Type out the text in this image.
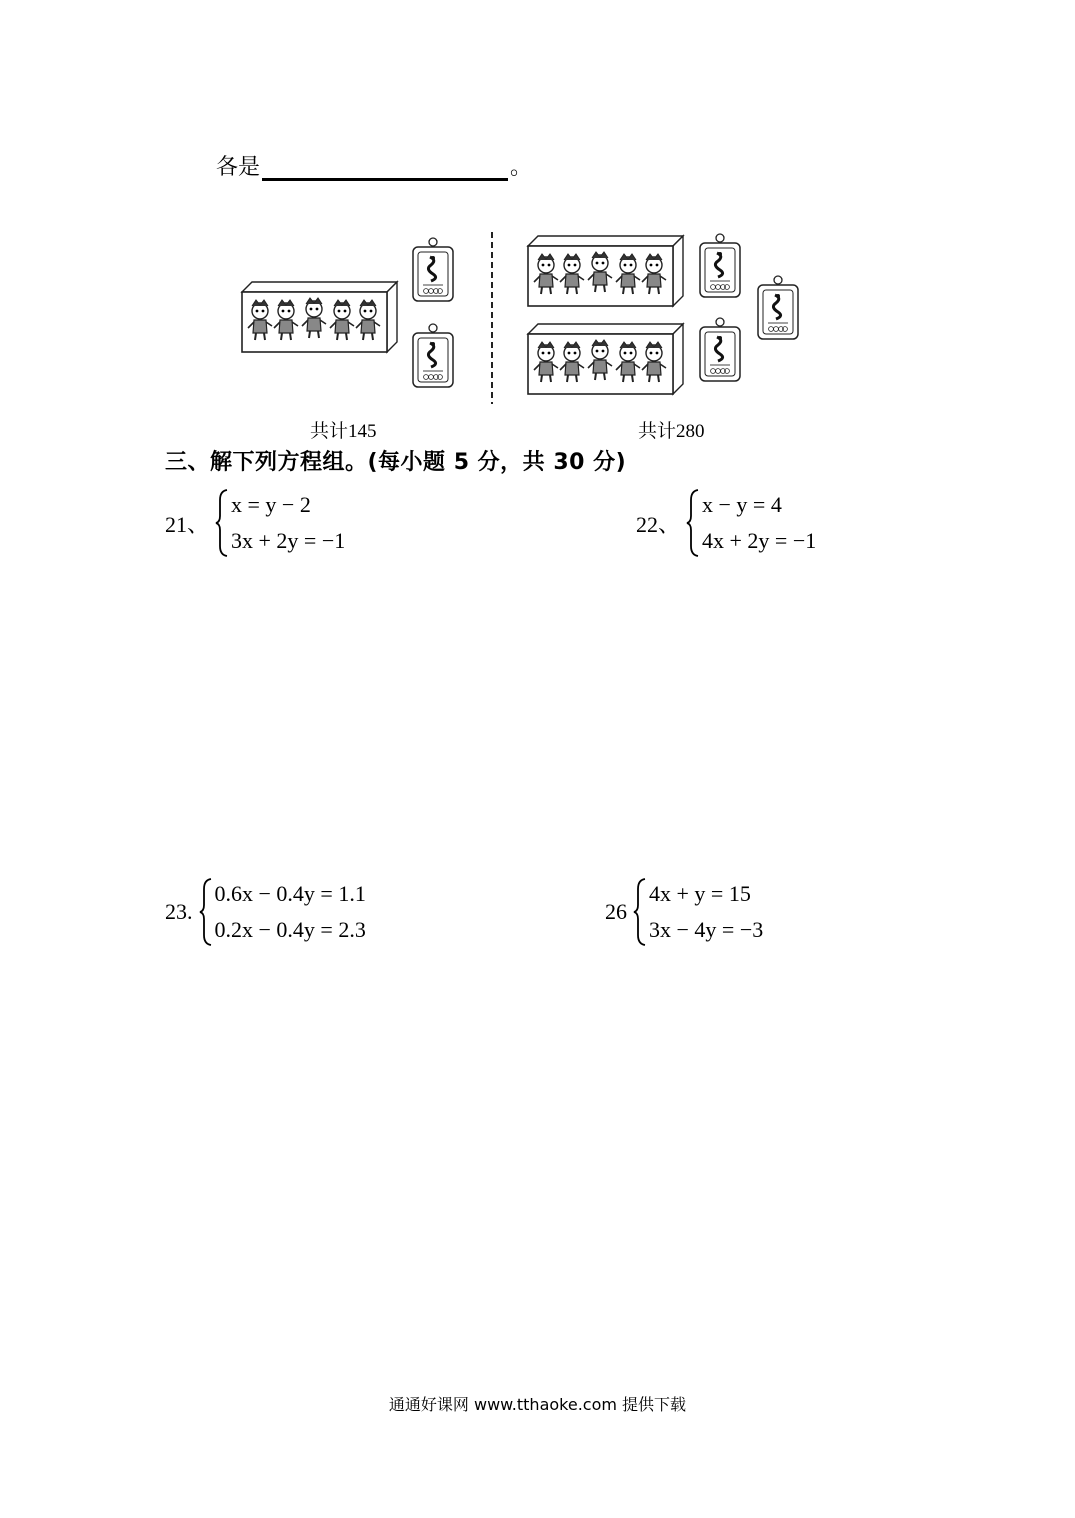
各是	。
共计145	共计280
三、解下列方程组。(每小题 5 分，共 30 分)
21、
x = y − 2
3x + 2y = −1
22、
x − y = 4
4x + 2y = −1
23.
0.6x − 0.4y = 1.1
0.2x − 0.4y = 2.3
26
4x + y = 15
3x − 4y = −3
通通好课网 www.tthaoke.com 提供下载
